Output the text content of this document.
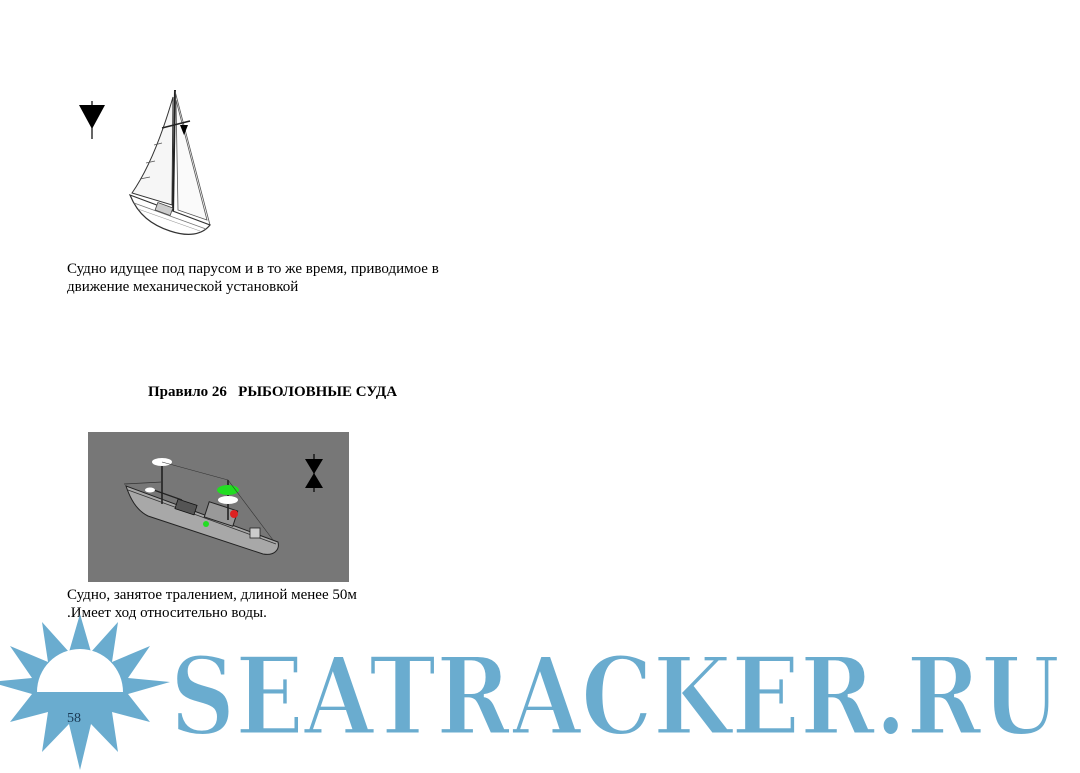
Судно идущее под парусом и в то же время, приводимое в
движение механической установкой
Правило 26   РЫБОЛОВНЫЕ СУДА
Судно, занятое тралением, длиной менее 50м
.Имеет ход относительно воды.
SEATRACKER.RU
58
